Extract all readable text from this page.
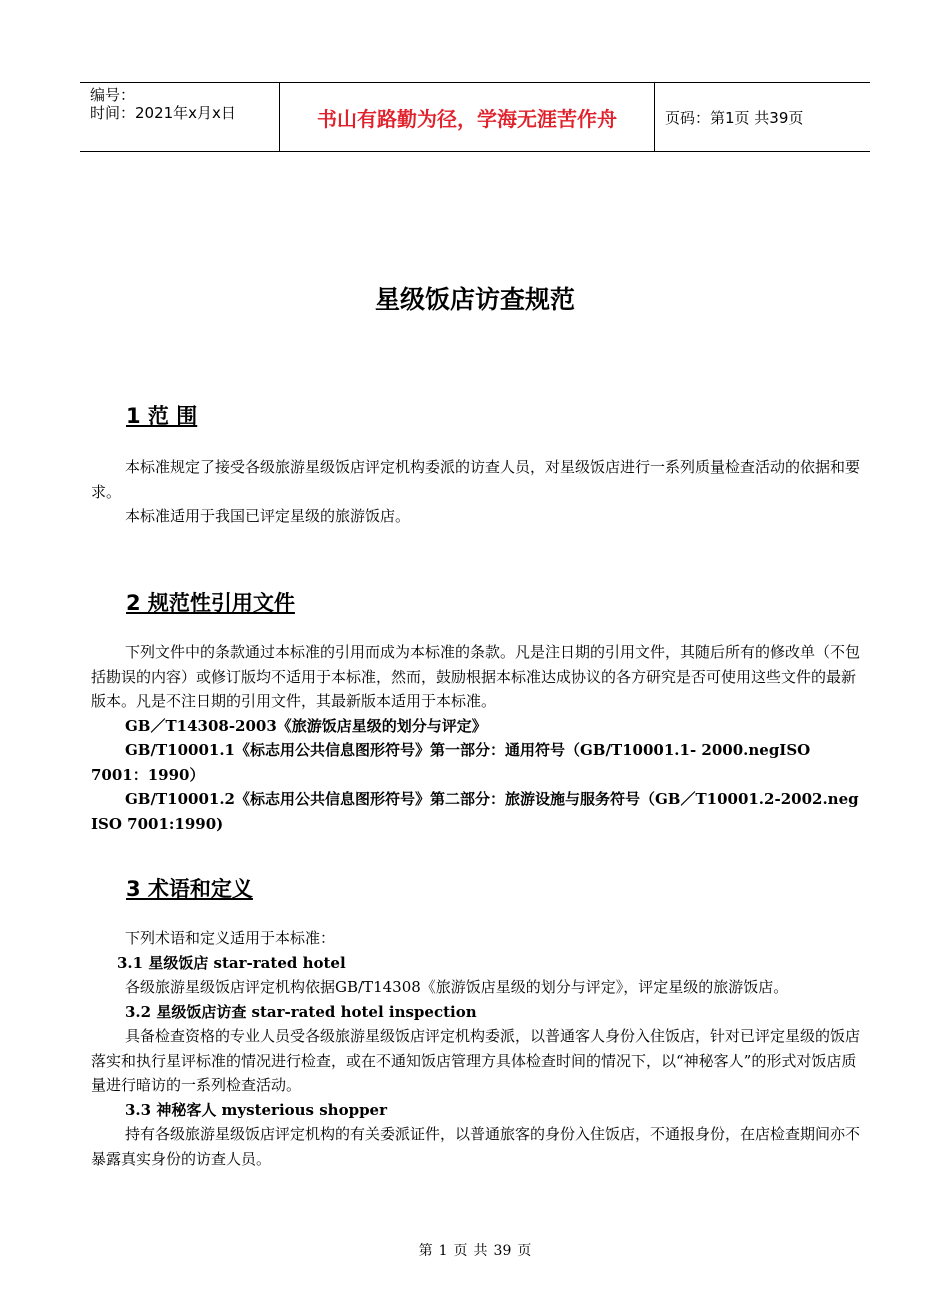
编号：
时间：2021年x月x日	书山有路勤为径，学海无涯苦作舟	页码：第1页 共39页
星级饭店访查规范
1 范 围
本标准规定了接受各级旅游星级饭店评定机构委派的访查人员，对星级饭店进行一系列质量检查活动的依据和要求。
本标准适用于我国已评定星级的旅游饭店。
2 规范性引用文件
下列文件中的条款通过本标准的引用而成为本标准的条款。凡是注日期的引用文件，其随后所有的修改单（不包括勘误的内容）或修订版均不适用于本标准，然而，鼓励根据本标准达成协议的各方研究是否可使用这些文件的最新版本。凡是不注日期的引用文件，其最新版本适用于本标准。
GB／T14308-2003《旅游饭店星级的划分与评定》
GB/T10001.1《标志用公共信息图形符号》第一部分：通用符号（GB/T10001.1- 2000.negISO 7001：1990）
GB/T10001.2《标志用公共信息图形符号》第二部分：旅游设施与服务符号（GB／T10001.2-2002.neg ISO 7001:1990)
3 术语和定义
下列术语和定义适用于本标准：
3.1 星级饭店 star-rated hotel
各级旅游星级饭店评定机构依据GB/T14308《旅游饭店星级的划分与评定》，评定星级的旅游饭店。
3.2 星级饭店访查 star-rated hotel inspection
具备检查资格的专业人员受各级旅游星级饭店评定机构委派，以普通客人身份入住饭店，针对已评定星级的饭店落实和执行星评标准的情况进行检查，或在不通知饭店管理方具体检查时间的情况下，以“神秘客人”的形式对饭店质量进行暗访的一系列检查活动。
3.3 神秘客人 mysterious shopper
持有各级旅游星级饭店评定机构的有关委派证件，以普通旅客的身份入住饭店，不通报身份，在店检查期间亦不暴露真实身份的访查人员。
第 1 页 共 39 页
